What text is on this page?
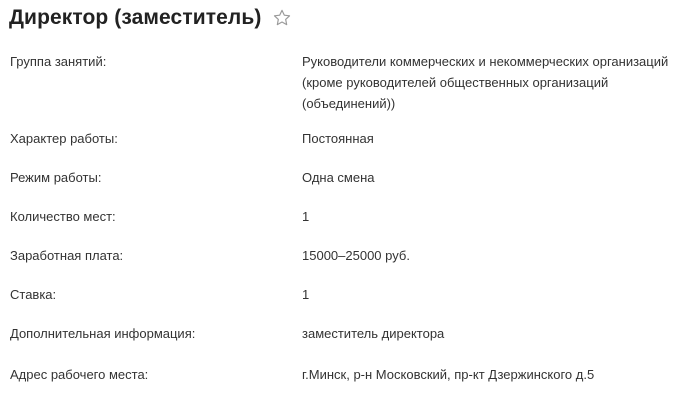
Директор (заместитель)
Группа занятий:	Руководители коммерческих и некоммерческих организаций
(кроме руководителей общественных организаций
(объединений))
Характер работы:	Постоянная
Режим работы:	Одна смена
Количество мест:	1
Заработная плата:	15000–25000 руб.
Ставка:	1
Дополнительная информация:	заместитель директора
Адрес рабочего места:	г.Минск, р-н Московский, пр-кт Дзержинского д.5
